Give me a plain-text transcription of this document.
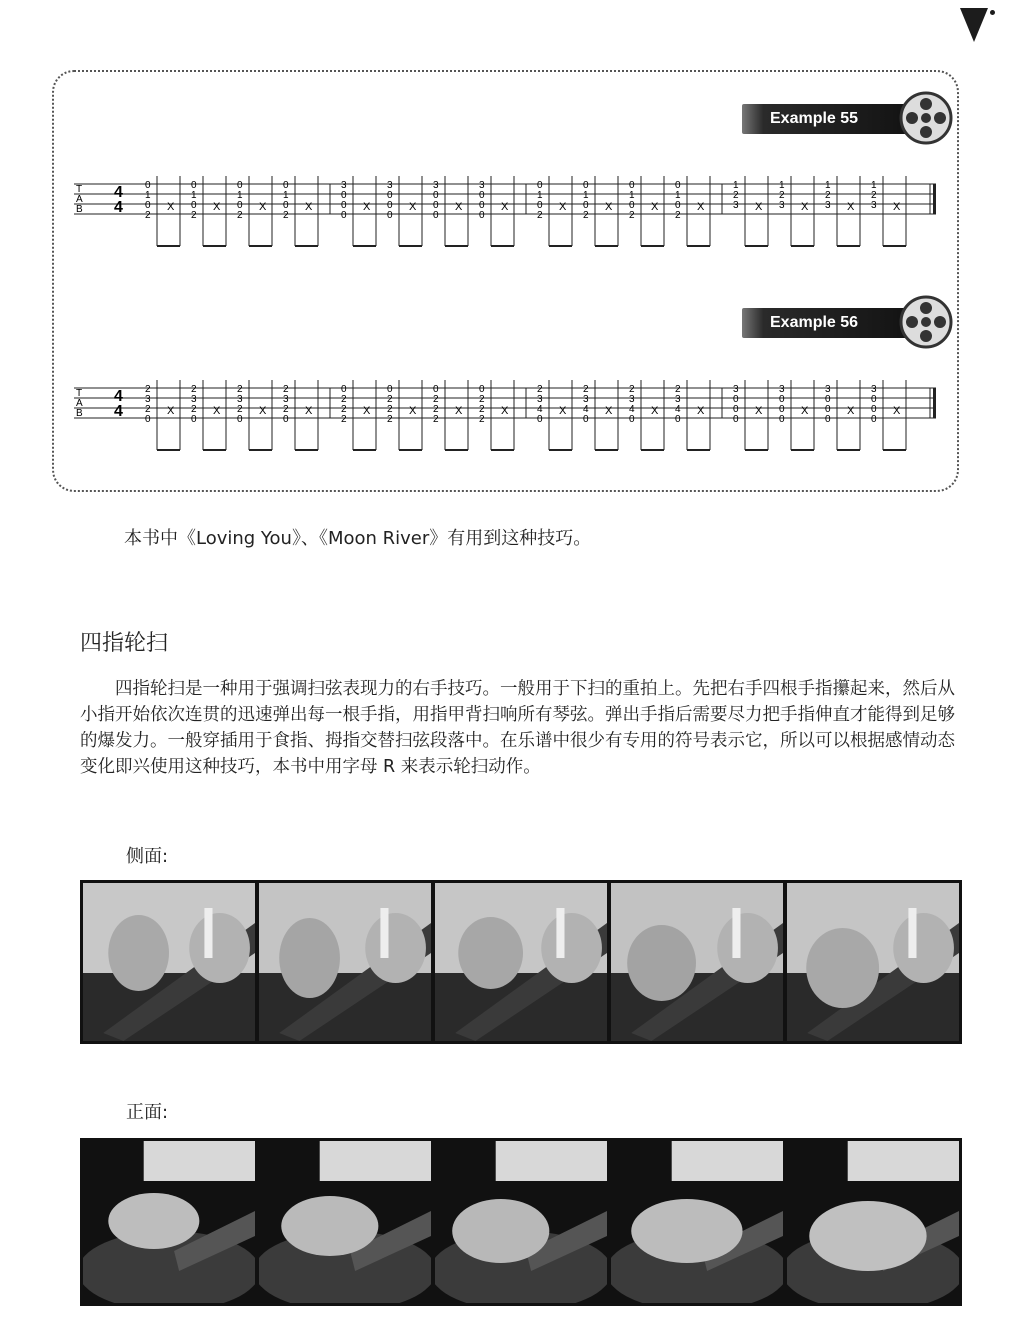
Example 55
T
A
B
4
4
0
1
0
2
X
0
1
0
2
X
0
1
0
2
X
0
1
0
2
X
3
0
0
0
X
3
0
0
0
X
3
0
0
0
X
3
0
0
0
X
0
1
0
2
X
0
1
0
2
X
0
1
0
2
X
0
1
0
2
X
1
2
3 X
1
2
3 X
1
2
3 X
1
2
3 X
Example 56
T
A
B
4
4
2
3
2
0
X
2
3
2
0
X
2
3
2
0
X
2
3
2
0
X
0
2
2
2
X
0
2
2
2
X
0
2
2
2
X
0
2
2
2
X
2
3
4
0
X
2
3
4
0
X
2
3
4
0
X
2
3
4
0
X
3
0
0
0
X
3
0
0
0
X
3
0
0
0
X
3
0
0
0
X
本书中《Loving You》、《Moon River》有用到这种技巧。
四指轮扫
四指轮扫是一种用于强调扫弦表现力的右手技巧。一般用于下扫的重拍上。先把右手四根手指攥起来，然后从小指开始依次连贯的迅速弹出每一根手指，用指甲背扫响所有琴弦。弹出手指后需要尽力把手指伸直才能得到足够的爆发力。一般穿插用于食指、拇指交替扫弦段落中。在乐谱中很少有专用的符号表示它，所以可以根据感情动态变化即兴使用这种技巧，本书中用字母 R 来表示轮扫动作。
侧面:
正面:
